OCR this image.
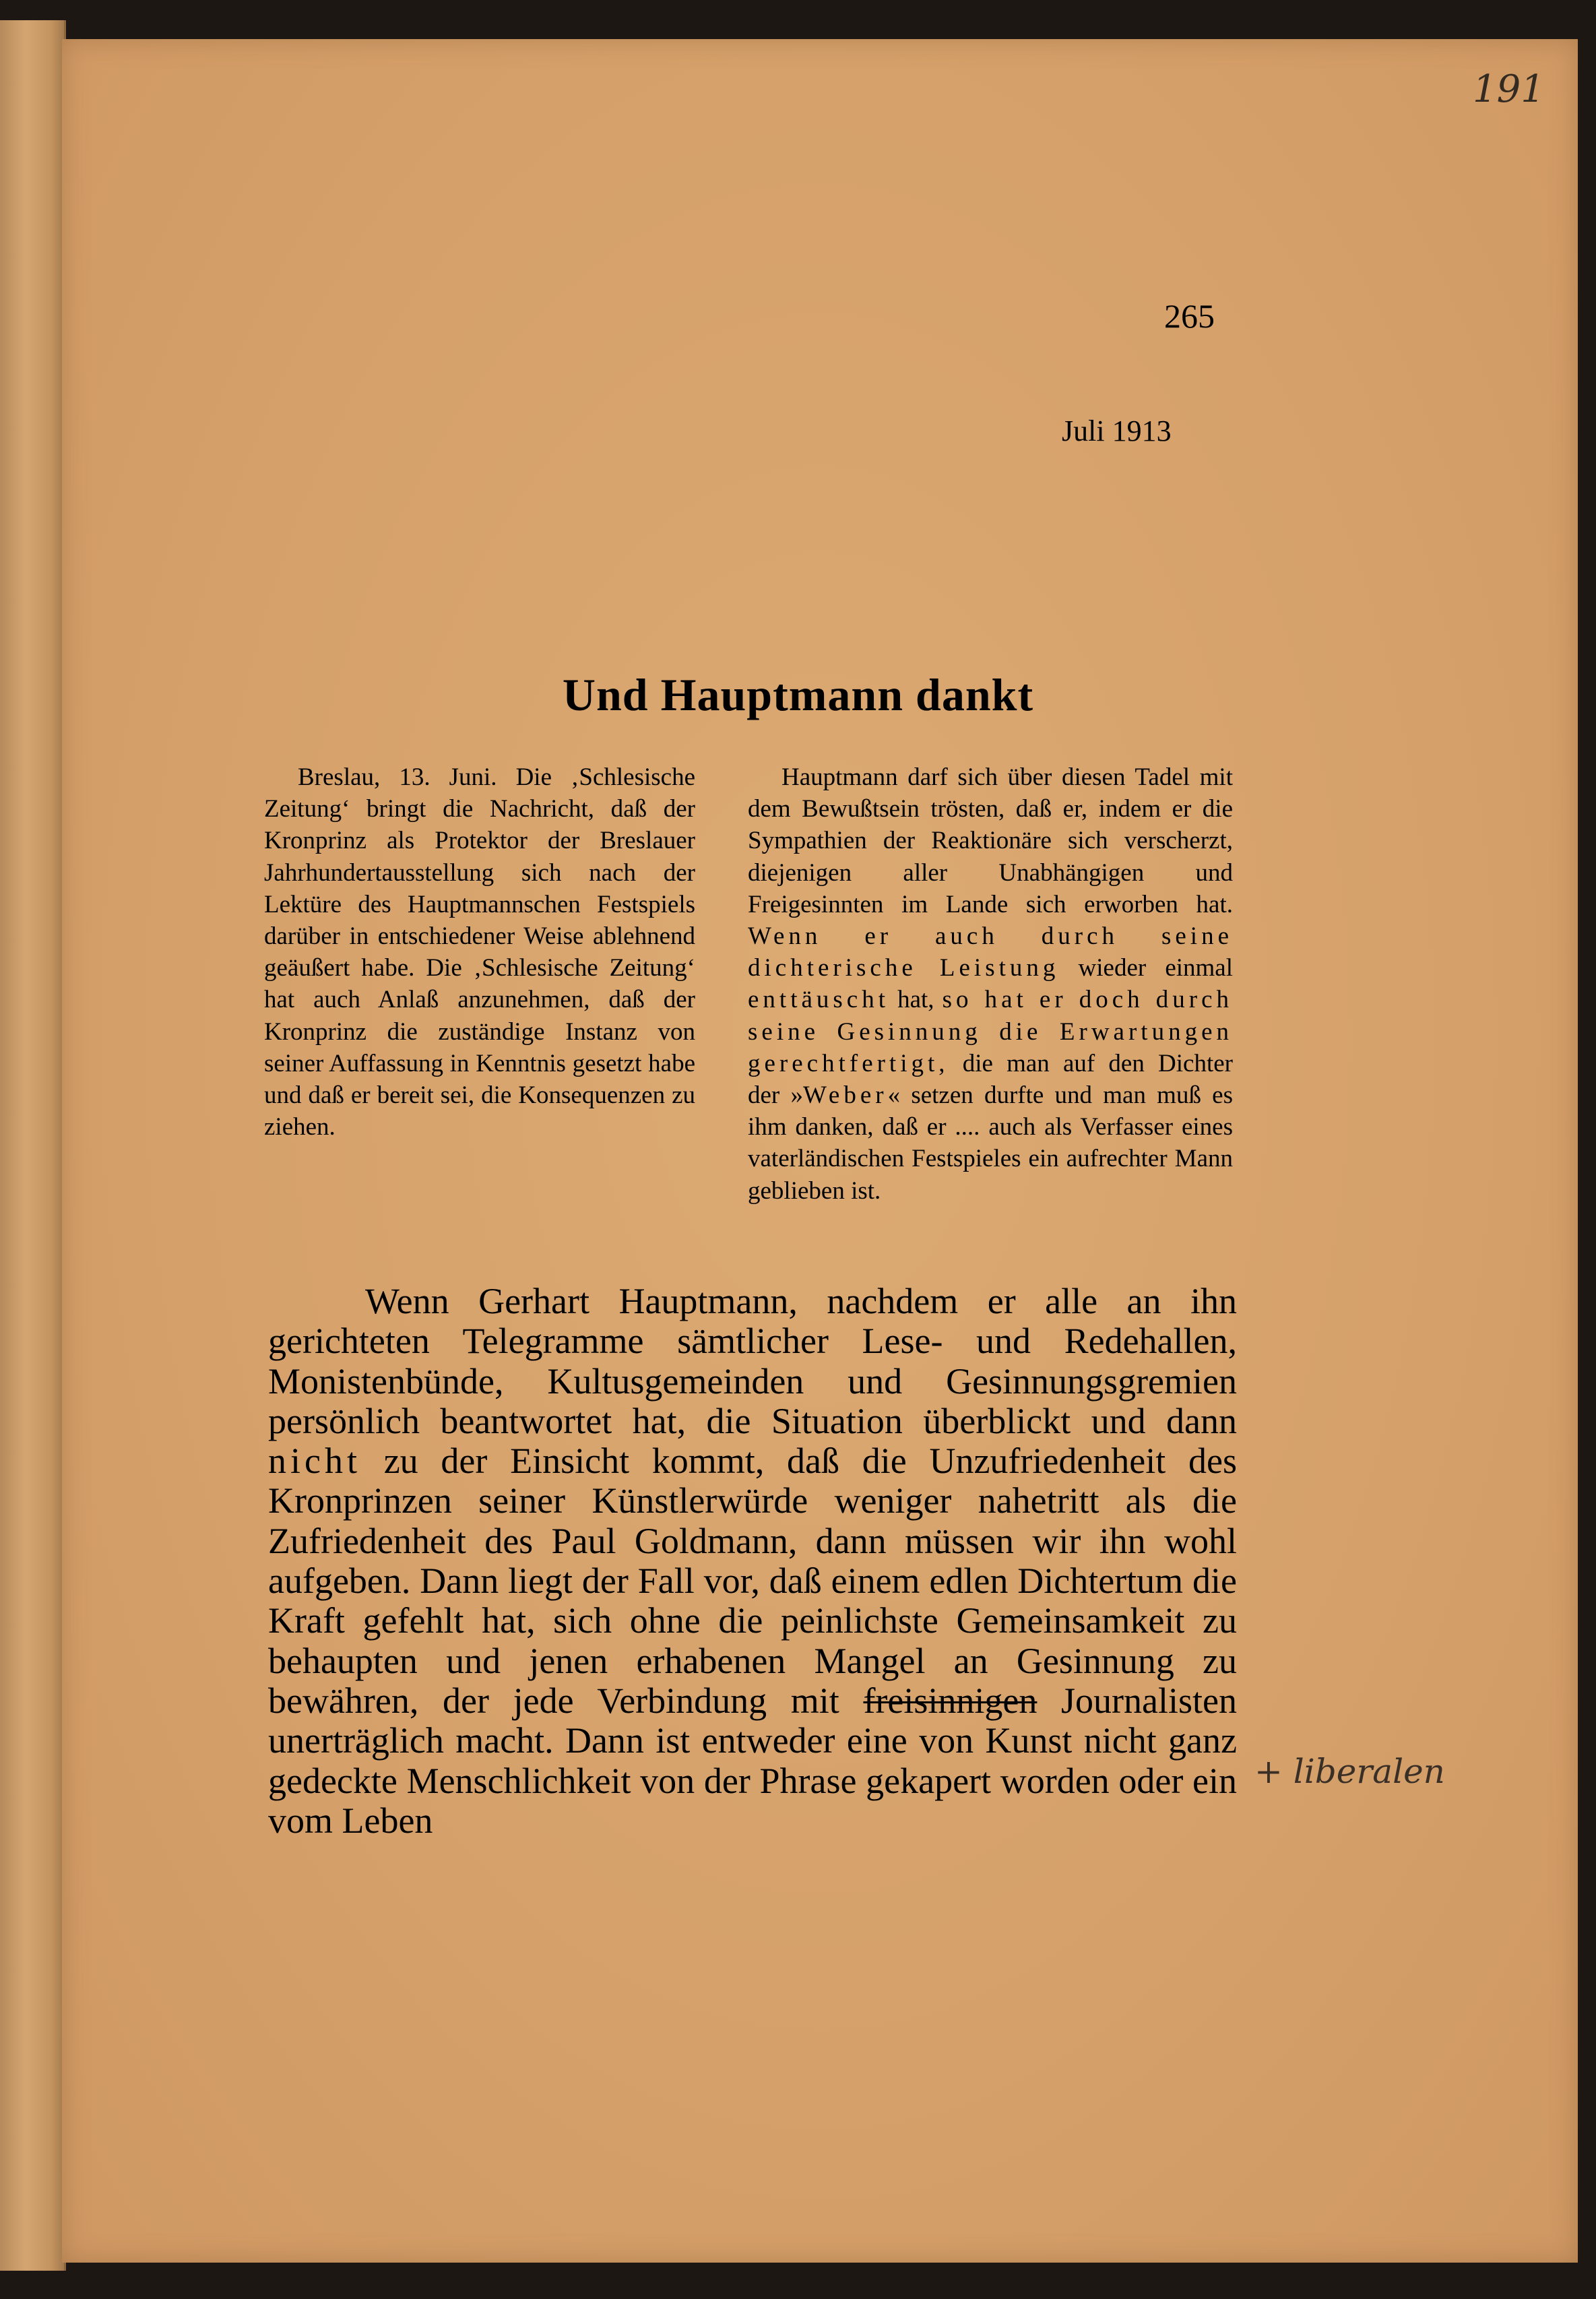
191
265
Juli 1913
Und Hauptmann dankt
Breslau, 13. Juni. Die ‚Schlesische Zeitung‘ bringt die Nachricht, daß der Kronprinz als Protektor der Breslauer Jahrhundertausstellung sich nach der Lektüre des Hauptmannschen Festspiels darüber in entschiedener Weise ablehnend geäußert habe. Die ‚Schlesische Zeitung‘ hat auch Anlaß anzunehmen, daß der Kronprinz die zuständige Instanz von seiner Auffassung in Kenntnis gesetzt habe und daß er bereit sei, die Konsequenzen zu ziehen.
Hauptmann darf sich über diesen Tadel mit dem Bewußtsein trösten, daß er, indem er die Sympathien der Reaktionäre sich verscherzt, diejenigen aller Unabhängigen und Freigesinnten im Lande sich erworben hat. Wenn er auch durch seine dichterische Leistung wieder einmal enttäuscht hat, so hat er doch durch seine Gesinnung die Erwartungen gerechtfertigt, die man auf den Dichter der »Weber« setzen durfte und man muß es ihm danken, daß er .... auch als Verfasser eines vaterländischen Festspieles ein aufrechter Mann geblieben ist.
Wenn Gerhart Hauptmann, nachdem er alle an ihn gerichteten Telegramme sämtlicher Lese- und Redehallen, Monistenbünde, Kultusgemeinden und Gesinnungsgremien persönlich beantwortet hat, die Situation überblickt und dann nicht zu der Einsicht kommt, daß die Unzufriedenheit des Kronprinzen seiner Künstlerwürde weniger nahetritt als die Zufriedenheit des Paul Goldmann, dann müssen wir ihn wohl aufgeben. Dann liegt der Fall vor, daß einem edlen Dichtertum die Kraft gefehlt hat, sich ohne die peinlichste Gemeinsamkeit zu behaupten und jenen erhabenen Mangel an Gesinnung zu bewähren, der jede Verbindung mit freisinnigen Journalisten unerträglich macht. Dann ist entweder eine von Kunst nicht ganz gedeckte Menschlichkeit von der Phrase gekapert worden oder ein vom Leben
+ liberalen
